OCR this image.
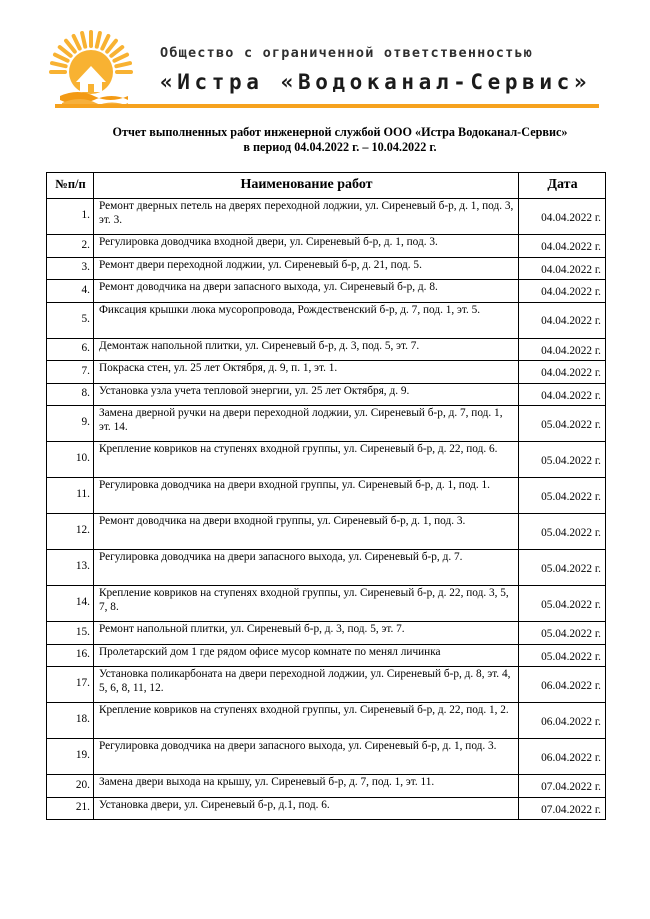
Общество с ограниченной ответственностью
«Истра «Водоканал-Сервис»
Отчет выполненных работ инженерной службой ООО «Истра Водоканал-Сервис»
в период 04.04.2022 г. – 10.04.2022 г.
№п/п	Наименование работ	Дата
1.	Ремонт дверных петель на дверях переходной лоджии, ул. Сиреневый б-р, д. 1, под. 3, эт. 3.	04.04.2022 г.
2.	Регулировка доводчика входной двери, ул. Сиреневый б-р, д. 1, под. 3.	04.04.2022 г.
3.	Ремонт двери переходной лоджии, ул. Сиреневый б-р, д. 21, под. 5.	04.04.2022 г.
4.	Ремонт доводчика на двери запасного выхода, ул. Сиреневый б-р, д. 8.	04.04.2022 г.
5.	Фиксация крышки люка мусоропровода, Рождественский б-р, д. 7, под. 1, эт. 5.	04.04.2022 г.
6.	Демонтаж напольной плитки, ул. Сиреневый б-р, д. 3, под. 5, эт. 7.	04.04.2022 г.
7.	Покраска стен, ул. 25 лет Октября, д. 9, п. 1, эт. 1.	04.04.2022 г.
8.	Установка узла учета тепловой энергии, ул. 25 лет Октября, д. 9.	04.04.2022 г.
9.	Замена дверной ручки на двери переходной лоджии, ул. Сиреневый б-р, д. 7, под. 1, эт. 14.	05.04.2022 г.
10.	Крепление ковриков на ступенях входной группы, ул. Сиреневый б-р, д. 22, под. 6.	05.04.2022 г.
11.	Регулировка доводчика на двери входной группы, ул. Сиреневый б-р, д. 1, под. 1.	05.04.2022 г.
12.	Ремонт доводчика на двери входной группы, ул. Сиреневый б-р, д. 1, под. 3.	05.04.2022 г.
13.	Регулировка доводчика на двери запасного выхода, ул. Сиреневый б-р, д. 7.	05.04.2022 г.
14.	Крепление ковриков на ступенях входной группы, ул. Сиреневый б-р, д. 22, под. 3, 5, 7, 8.	05.04.2022 г.
15.	Ремонт напольной плитки, ул. Сиреневый б-р, д. 3, под. 5, эт. 7.	05.04.2022 г.
16.	Пролетарский дом 1 где рядом офисе мусор комнате по менял личинка	05.04.2022 г.
17.	Установка поликарбоната на двери переходной лоджии, ул. Сиреневый б-р, д. 8, эт. 4, 5, 6, 8, 11, 12.	06.04.2022 г.
18.	Крепление ковриков на ступенях входной группы, ул. Сиреневый б-р, д. 22, под. 1, 2.	06.04.2022 г.
19.	Регулировка доводчика на двери запасного выхода, ул. Сиреневый б-р, д. 1, под. 3.	06.04.2022 г.
20.	Замена двери выхода на крышу, ул. Сиреневый б-р, д. 7, под. 1, эт. 11.	07.04.2022 г.
21.	Установка двери, ул. Сиреневый б-р, д.1, под. 6.	07.04.2022 г.
